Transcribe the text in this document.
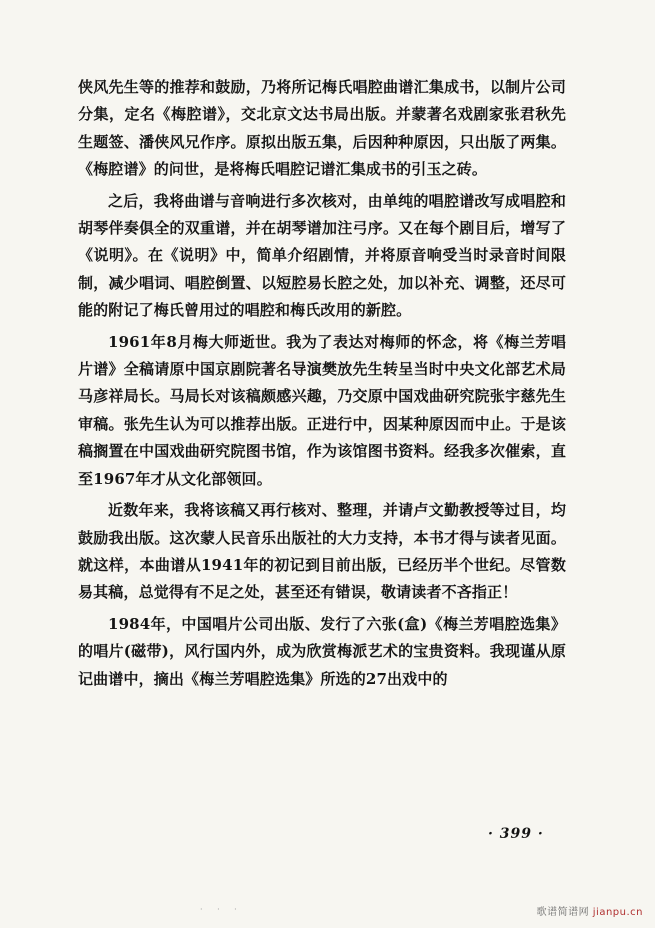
侠风先生等的推荐和鼓励，乃将所记梅氏唱腔曲谱汇集成书，以制片公司分集，定名《梅腔谱》，交北京文达书局出版。并蒙著名戏剧家张君秋先生题签、潘侠风兄作序。原拟出版五集，后因种种原因，只出版了两集。《梅腔谱》的问世，是将梅氏唱腔记谱汇集成书的引玉之砖。

之后，我将曲谱与音响进行多次核对，由单纯的唱腔谱改写成唱腔和胡琴伴奏俱全的双重谱，并在胡琴谱加注弓序。又在每个剧目后，增写了《说明》。在《说明》中，简单介绍剧情，并将原音响受当时录音时间限制，减少唱词、唱腔倒置、以短腔易长腔之处，加以补充、调整，还尽可能的附记了梅氏曾用过的唱腔和梅氏改用的新腔。

1961年8月梅大师逝世。我为了表达对梅师的怀念，将《梅兰芳唱片谱》全稿请原中国京剧院著名导演樊放先生转呈当时中央文化部艺术局马彦祥局长。马局长对该稿颇感兴趣，乃交原中国戏曲研究院张宇慈先生审稿。张先生认为可以推荐出版。正进行中，因某种原因而中止。于是该稿搁置在中国戏曲研究院图书馆，作为该馆图书资料。经我多次催索，直至1967年才从文化部领回。

近数年来，我将该稿又再行核对、整理，并请卢文勤教授等过目，均鼓励我出版。这次蒙人民音乐出版社的大力支持，本书才得与读者见面。就这样，本曲谱从1941年的初记到目前出版，已经历半个世纪。尽管数易其稿，总觉得有不足之处，甚至还有错误，敬请读者不吝指正！

1984年，中国唱片公司出版、发行了六张(盒)《梅兰芳唱腔选集》的唱片(磁带)，风行国内外，成为欣赏梅派艺术的宝贵资料。我现谨从原记曲谱中，摘出《梅兰芳唱腔选集》所选的27出戏中的

· 399 ·
· · ·	歌谱简谱网 jianpu.cn
